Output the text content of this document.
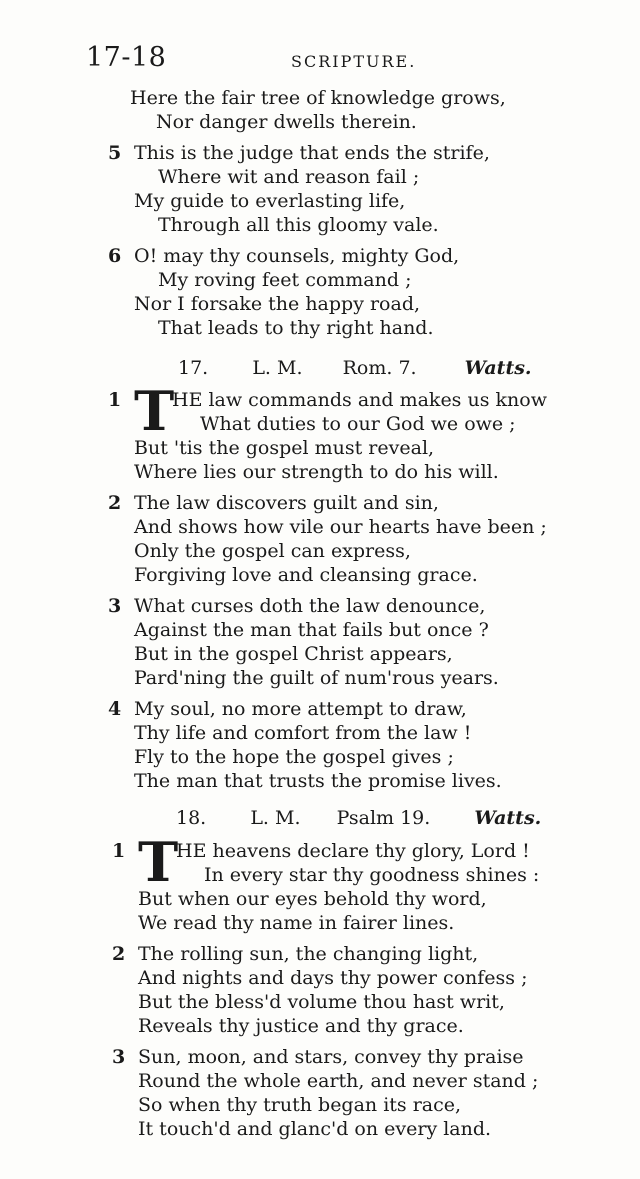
17-18	SCRIPTURE.
Here the fair tree of knowledge grows,
Nor danger dwells therein.
5 This is the judge that ends the strife,
Where wit and reason fail ;
My guide to everlasting life,
Through all this gloomy vale.
6 O! may thy counsels, mighty God,
My roving feet command ;
Nor I forsake the happy road,
That leads to thy right hand.
17. L. M. Rom. 7.	Watts.
1 T
HE law commands and makes us know
What duties to our God we owe ;
But 'tis the gospel must reveal,
Where lies our strength to do his will.
2 The law discovers guilt and sin,
And shows how vile our hearts have been ;
Only the gospel can express,
Forgiving love and cleansing grace.
3 What curses doth the law denounce,
Against the man that fails but once ?
But in the gospel Christ appears,
Pard'ning the guilt of num'rous years.
4 My soul, no more attempt to draw,
Thy life and comfort from the law !
Fly to the hope the gospel gives ;
The man that trusts the promise lives.
18. L. M. Psalm 19. Watts.
1 T
HE heavens declare thy glory, Lord !
In every star thy goodness shines :
But when our eyes behold thy word,
We read thy name in fairer lines.
2 The rolling sun, the changing light,
And nights and days thy power confess ;
But the bless'd volume thou hast writ,
Reveals thy justice and thy grace.
3 Sun, moon, and stars, convey thy praise
Round the whole earth, and never stand ;
So when thy truth began its race,
It touch'd and glanc'd on every land.
